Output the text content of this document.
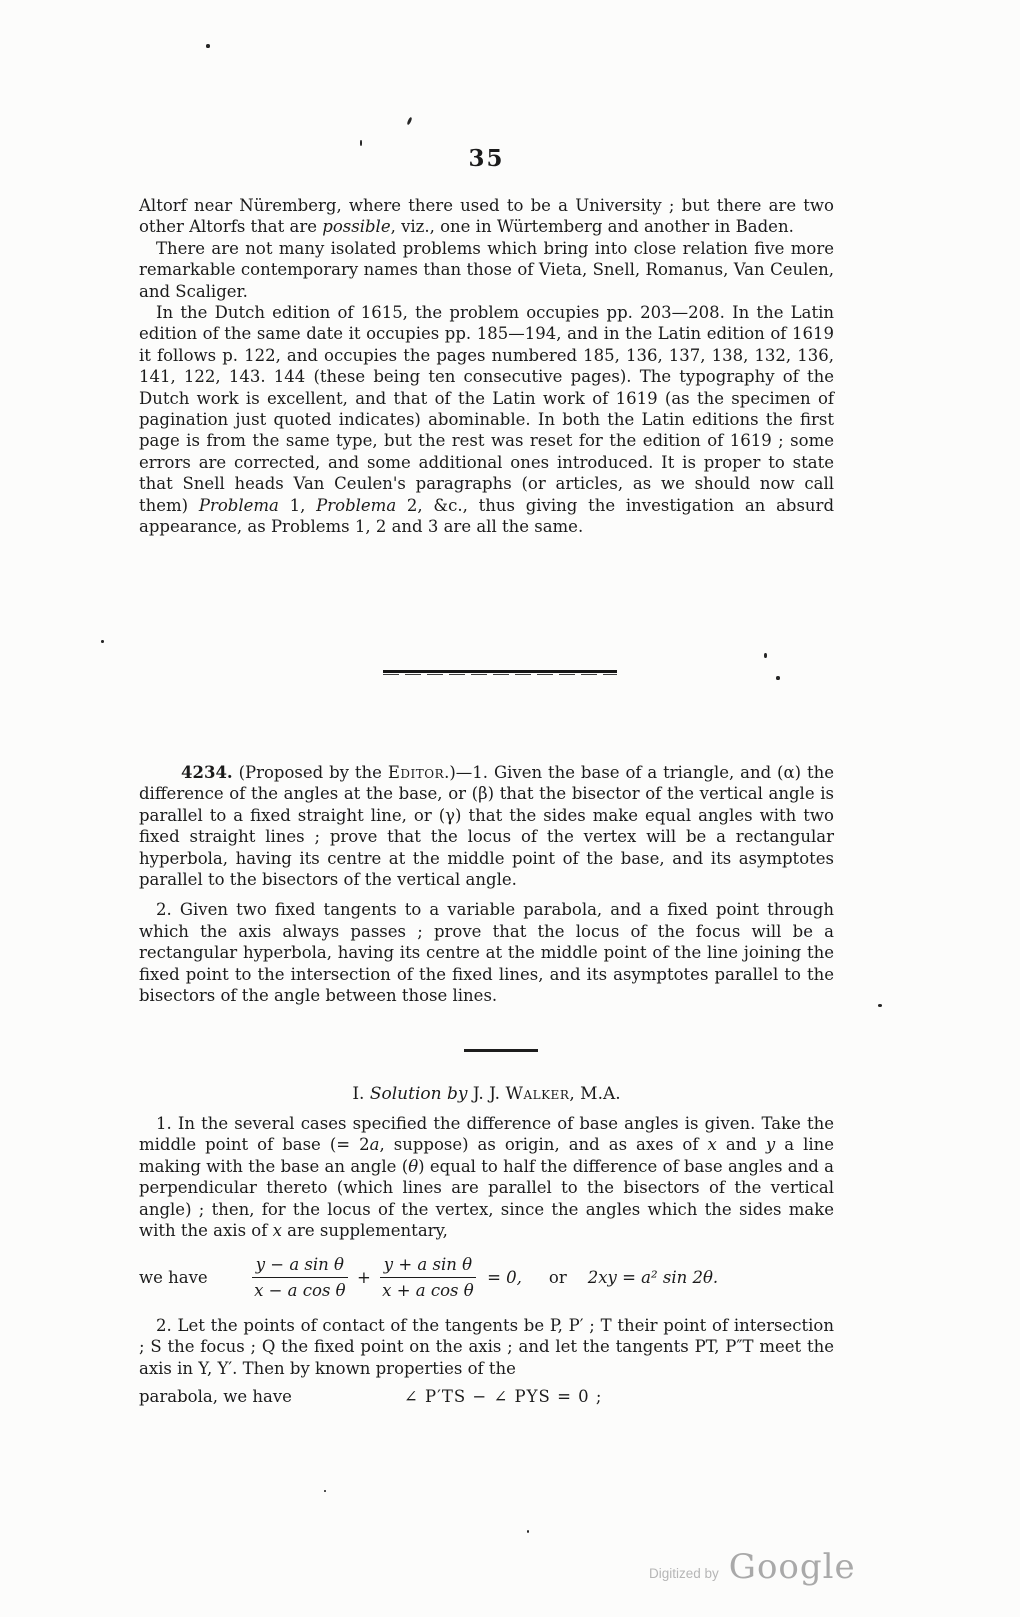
35

Altorf near Nüremberg, where there used to be a University ; but there are two other Altorfs that are possible, viz., one in Würtemberg and another in Baden.

There are not many isolated problems which bring into close relation five more remarkable contemporary names than those of Vieta, Snell, Romanus, Van Ceulen, and Scaliger.

In the Dutch edition of 1615, the problem occupies pp. 203—208. In the Latin edition of the same date it occupies pp. 185—194, and in the Latin edition of 1619 it follows p. 122, and occupies the pages numbered 185, 136, 137, 138, 132, 136, 141, 122, 143. 144 (these being ten consecutive pages). The typography of the Dutch work is excellent, and that of the Latin work of 1619 (as the specimen of pagination just quoted indicates) abominable. In both the Latin editions the first page is from the same type, but the rest was reset for the edition of 1619 ; some errors are corrected, and some additional ones introduced. It is proper to state that Snell heads Van Ceulen's paragraphs (or articles, as we should now call them) Problema 1, Problema 2, &c., thus giving the investigation an absurd appearance, as Problems 1, 2 and 3 are all the same.

4234. (Proposed by the Editor.)—1. Given the base of a triangle, and (α) the difference of the angles at the base, or (β) that the bisector of the vertical angle is parallel to a fixed straight line, or (γ) that the sides make equal angles with two fixed straight lines ; prove that the locus of the vertex will be a rectangular hyperbola, having its centre at the middle point of the base, and its asymptotes parallel to the bisectors of the vertical angle.

2. Given two fixed tangents to a variable parabola, and a fixed point through which the axis always passes ; prove that the locus of the focus will be a rectangular hyperbola, having its centre at the middle point of the line joining the fixed point to the intersection of the fixed lines, and its asymptotes parallel to the bisectors of the angle between those lines.

I. Solution by J. J. Walker, M.A.

1. In the several cases specified the difference of base angles is given. Take the middle point of base (= 2a, suppose) as origin, and as axes of x and y a line making with the base an angle (θ) equal to half the difference of base angles and a perpendicular thereto (which lines are parallel to the bisectors of the vertical angle) ; then, for the locus of the vertex, since the angles which the sides make with the axis of x are supplementary,

we have	$\frac{\text{y − a sin θ}}{\text{x − a cos θ}} + \frac{\text{y + a sin θ}}{\text{x + a cos θ}} = 0$, or 2xy = a² sin 2θ.

2. Let the points of contact of the tangents be P, P′ ; T their point of intersection ; S the focus ; Q the fixed point on the axis ; and let the tangents PT, P″T meet the axis in Y, Y′. Then by known properties of the

parabola, we have	∠ P′TS − ∠ PYS = 0 ;
Digitized by Google
